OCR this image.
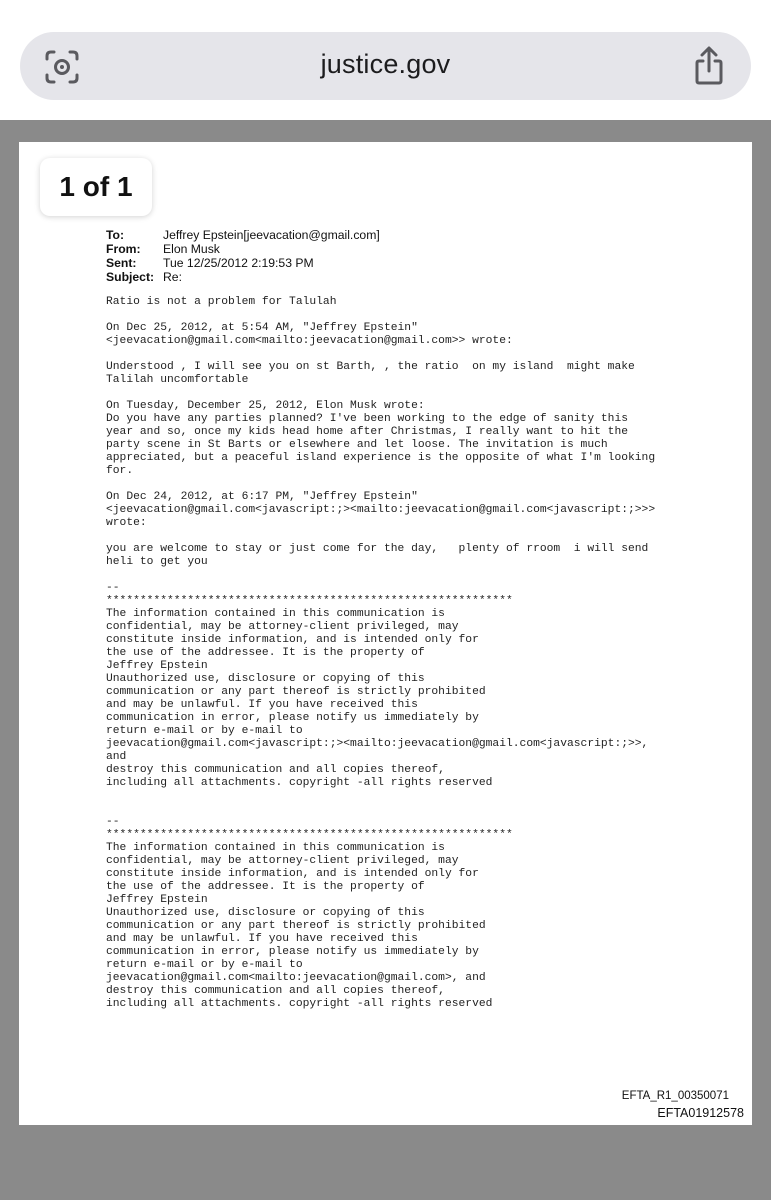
justice.gov
1 of 1
To:	Jeffrey Epstein[jeevacation@gmail.com]
From: Elon Musk
Sent: Tue 12/25/2012 2:19:53 PM
Subject: Re:
Ratio is not a problem for Talulah
On Dec 25, 2012, at 5:54 AM, "Jeffrey Epstein"
<jeevacation@gmail.com<mailto:jeevacation@gmail.com>> wrote:
Understood , I will see you on st Barth, , the ratio  on my island  might make
Talilah uncomfortable
On Tuesday, December 25, 2012, Elon Musk wrote:
Do you have any parties planned? I've been working to the edge of sanity this
year and so, once my kids head home after Christmas, I really want to hit the
party scene in St Barts or elsewhere and let loose. The invitation is much
appreciated, but a peaceful island experience is the opposite of what I'm looking
for.
On Dec 24, 2012, at 6:17 PM, "Jeffrey Epstein"
<jeevacation@gmail.com<javascript:;><mailto:jeevacation@gmail.com<javascript:;>>>
wrote:
you are welcome to stay or just come for the day,   plenty of rroom  i will send
heli to get you
--
************************************************************
The information contained in this communication is
confidential, may be attorney-client privileged, may
constitute inside information, and is intended only for
the use of the addressee. It is the property of
Jeffrey Epstein
Unauthorized use, disclosure or copying of this
communication or any part thereof is strictly prohibited
and may be unlawful. If you have received this
communication in error, please notify us immediately by
return e-mail or by e-mail to
jeevacation@gmail.com<javascript:;><mailto:jeevacation@gmail.com<javascript:;>>,
and
destroy this communication and all copies thereof,
including all attachments. copyright -all rights reserved
--
************************************************************
The information contained in this communication is
confidential, may be attorney-client privileged, may
constitute inside information, and is intended only for
the use of the addressee. It is the property of
Jeffrey Epstein
Unauthorized use, disclosure or copying of this
communication or any part thereof is strictly prohibited
and may be unlawful. If you have received this
communication in error, please notify us immediately by
return e-mail or by e-mail to
jeevacation@gmail.com<mailto:jeevacation@gmail.com>, and
destroy this communication and all copies thereof,
including all attachments. copyright -all rights reserved
EFTA_R1_00350071
EFTA01912578
